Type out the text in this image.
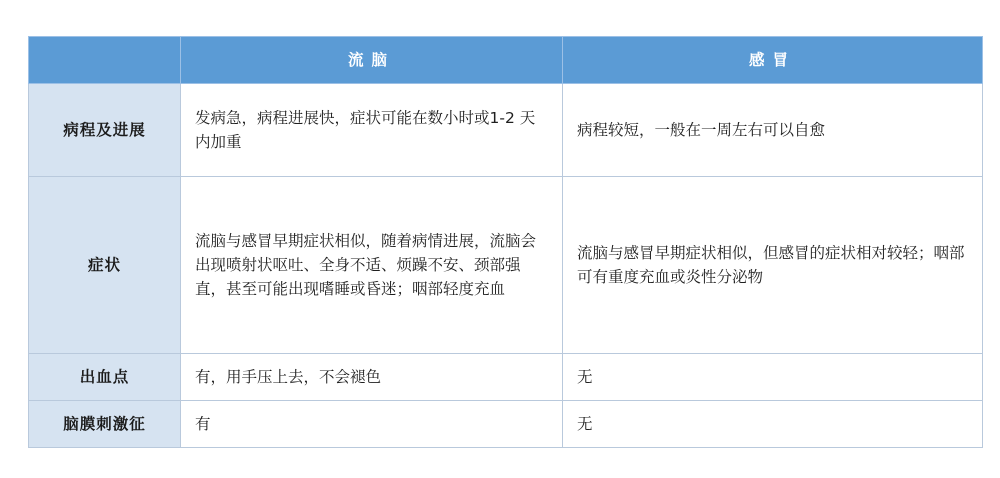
	流脑	感冒
病程及进展	发病急，病程进展快，症状可能在数小时或1-2 天内加重	病程较短，一般在一周左右可以自愈
症状	流脑与感冒早期症状相似，随着病情进展，流脑会出现喷射状呕吐、全身不适、烦躁不安、颈部强直，甚至可能出现嗜睡或昏迷；咽部轻度充血	流脑与感冒早期症状相似，但感冒的症状相对较轻；咽部可有重度充血或炎性分泌物
出血点	有，用手压上去，不会褪色	无
脑膜刺激征	有	无
